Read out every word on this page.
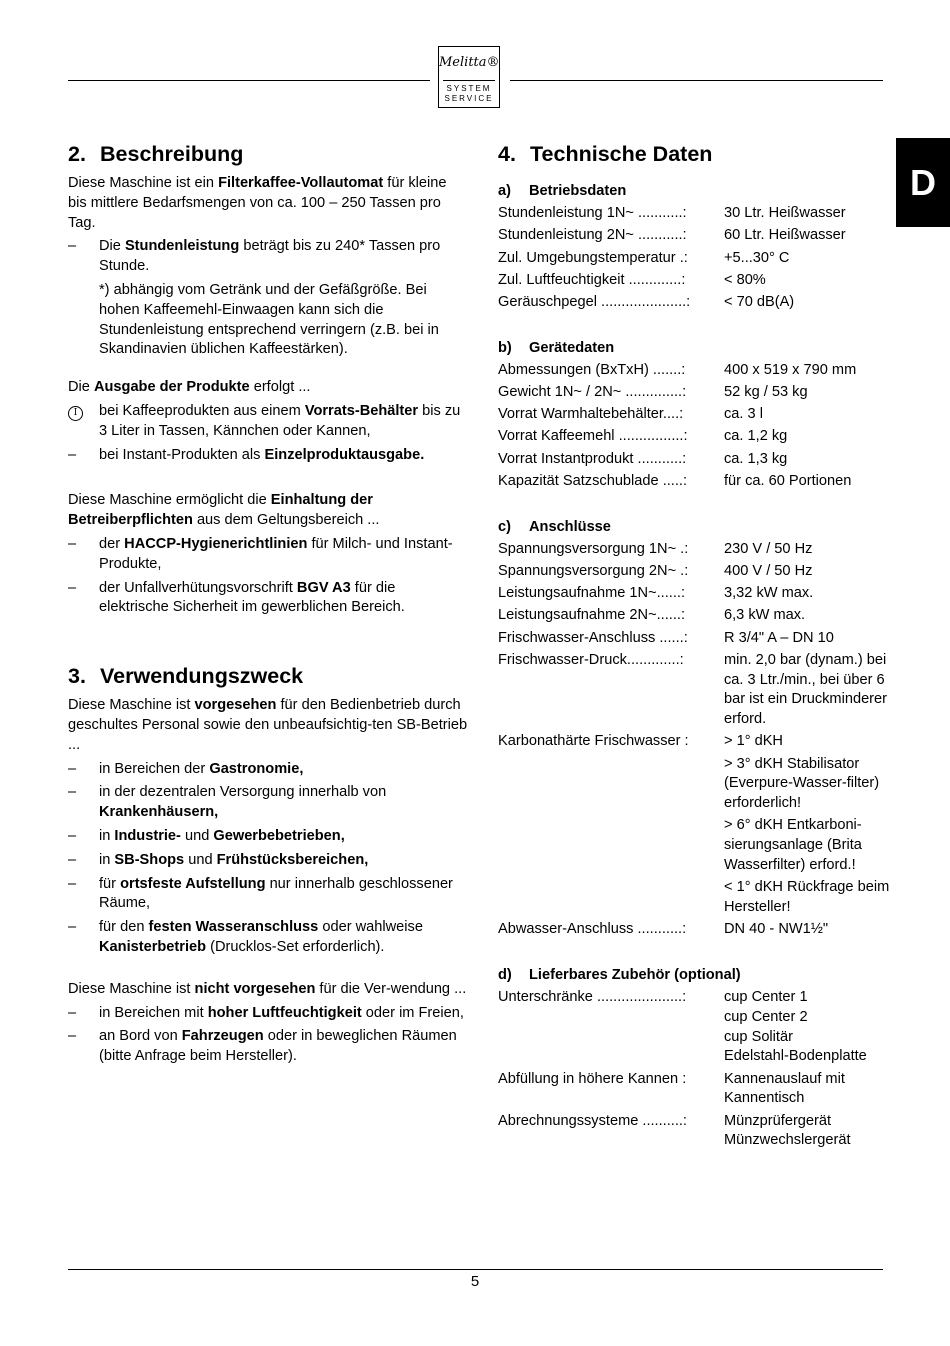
Melitta®
SYSTEM
SERVICE
D
2. Beschreibung

Diese Maschine ist ein Filterkaffee-Vollautomat für kleine bis mittlere Bedarfsmengen von ca. 100 – 250 Tassen pro Tag.

– Die Stundenleistung beträgt bis zu 240* Tassen pro Stunde.
*) abhängig vom Getränk und der Gefäßgröße. Bei hohen Kaffeemehl-Einwaagen kann sich die Stundenleistung entsprechend verringern (z.B. bei in Skandinavien üblichen Kaffeestärken).

Die Ausgabe der Produkte erfolgt ...

I	bei Kaffeeprodukten aus einem Vorrats-Behälter bis zu 3 Liter in Tassen, Kännchen oder Kannen,
– bei Instant-Produkten als Einzelproduktausgabe.

Diese Maschine ermöglicht die Einhaltung der Betreiberpflichten aus dem Geltungsbereich ...

– der HACCP-Hygienerichtlinien für Milch- und Instant-Produkte,
– der Unfallverhütungsvorschrift BGV A3 für die elektrische Sicherheit im gewerblichen Bereich.
3. Verwendungszweck

Diese Maschine ist vorgesehen für den Bedienbetrieb durch geschultes Personal sowie den unbeaufsichtig-ten SB-Betrieb ...

– in Bereichen der Gastronomie,
– in der dezentralen Versorgung innerhalb von Krankenhäusern,
– in Industrie- und Gewerbebetrieben,
– in SB-Shops und Frühstücksbereichen,
– für ortsfeste Aufstellung nur innerhalb geschlossener Räume,
– für den festen Wasseranschluss oder wahlweise Kanisterbetrieb (Drucklos-Set erforderlich).

Diese Maschine ist nicht vorgesehen für die Ver-wendung ...

– in Bereichen mit hoher Luftfeuchtigkeit oder im Freien,
– an Bord von Fahrzeugen oder in beweglichen Räumen (bitte Anfrage beim Hersteller).
4. Technische Daten
a) Betriebsdaten
Stundenleistung 1N~ ...........:	30 Ltr. Heißwasser
Stundenleistung 2N~ ...........:	60 Ltr. Heißwasser
Zul. Umgebungstemperatur .:	+5...30° C
Zul. Luftfeuchtigkeit .............:	< 80%
Geräuschpegel .....................:	< 70 dB(A)
b) Gerätedaten
Abmessungen (BxTxH) .......:	400 x 519 x 790 mm
Gewicht 1N~ / 2N~ ..............:	52 kg / 53 kg
Vorrat Warmhaltebehälter....:	ca. 3 l
Vorrat Kaffeemehl ................:	ca. 1,2 kg
Vorrat Instantprodukt ...........:	ca. 1,3 kg
Kapazität Satzschublade .....:	für ca. 60 Portionen
c) Anschlüsse
Spannungsversorgung 1N~ .:	230 V / 50 Hz
Spannungsversorgung 2N~ .:	400 V / 50 Hz
Leistungsaufnahme 1N~......:	3,32 kW max.
Leistungsaufnahme 2N~......:	6,3 kW max.
Frischwasser-Anschluss ......:	R 3/4" A – DN 10
Frischwasser-Druck.............:	min. 2,0 bar (dynam.) bei ca. 3 Ltr./min., bei über 6 bar ist ein Druckminderer erford.
Karbonathärte Frischwasser :	> 1° dKH
> 3° dKH Stabilisator (Everpure-Wasser-filter) erforderlich!
> 6° dKH Entkarboni-sierungsanlage (Brita Wasserfilter) erford.!
< 1° dKH Rückfrage beim Hersteller!
Abwasser-Anschluss ...........:	DN 40 - NW1½"
d) Lieferbares Zubehör (optional)
Unterschränke .....................:	cup Center 1
cup Center 2
cup Solitär
Edelstahl-Bodenplatte
Abfüllung in höhere Kannen :	Kannenauslauf mit Kannentisch
Abrechnungssysteme ..........:	Münzprüfergerät
Münzwechslergerät
5
